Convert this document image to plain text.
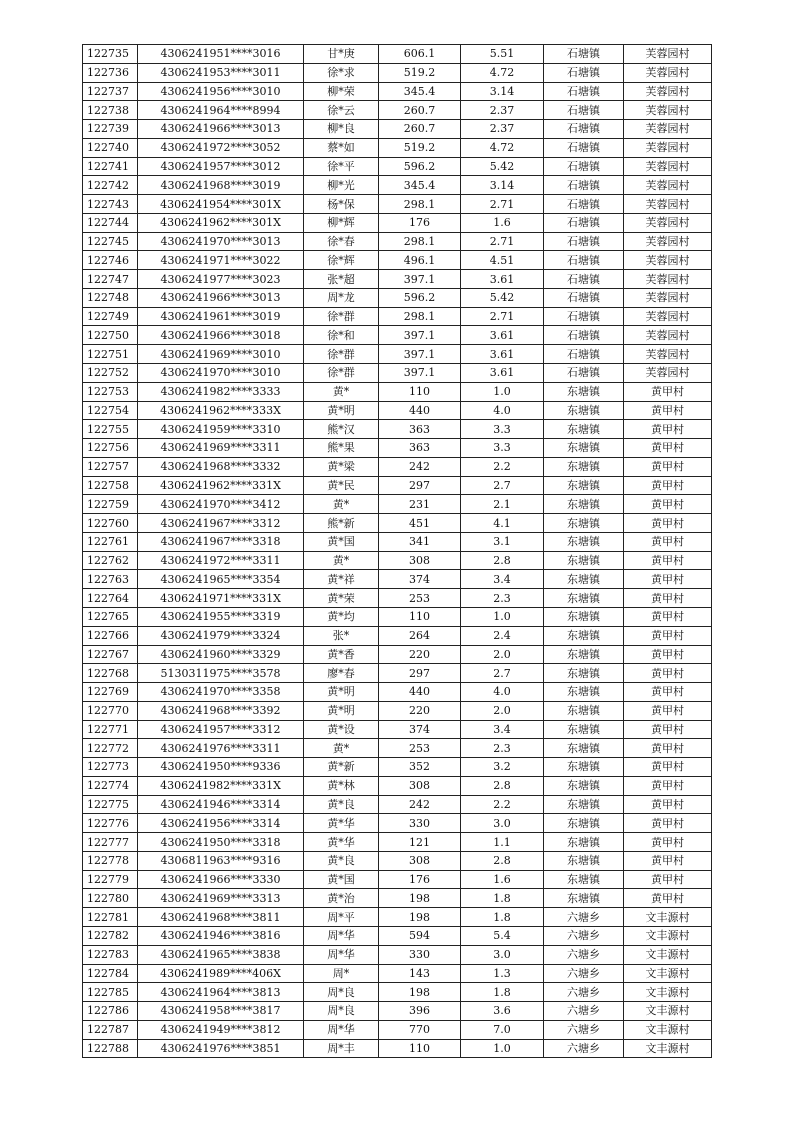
122735	4306241951****3016	甘*庚	606.1	5.51	石塘镇	芙蓉园村
122736	4306241953****3011	徐*求	519.2	4.72	石塘镇	芙蓉园村
122737	4306241956****3010	柳*荣	345.4	3.14	石塘镇	芙蓉园村
122738	4306241964****8994	徐*云	260.7	2.37	石塘镇	芙蓉园村
122739	4306241966****3013	柳*良	260.7	2.37	石塘镇	芙蓉园村
122740	4306241972****3052	蔡*如	519.2	4.72	石塘镇	芙蓉园村
122741	4306241957****3012	徐*平	596.2	5.42	石塘镇	芙蓉园村
122742	4306241968****3019	柳*光	345.4	3.14	石塘镇	芙蓉园村
122743	4306241954****301X	杨*保	298.1	2.71	石塘镇	芙蓉园村
122744	4306241962****301X	柳*辉	176	1.6	石塘镇	芙蓉园村
122745	4306241970****3013	徐*春	298.1	2.71	石塘镇	芙蓉园村
122746	4306241971****3022	徐*辉	496.1	4.51	石塘镇	芙蓉园村
122747	4306241977****3023	张*超	397.1	3.61	石塘镇	芙蓉园村
122748	4306241966****3013	周*龙	596.2	5.42	石塘镇	芙蓉园村
122749	4306241961****3019	徐*群	298.1	2.71	石塘镇	芙蓉园村
122750	4306241966****3018	徐*和	397.1	3.61	石塘镇	芙蓉园村
122751	4306241969****3010	徐*群	397.1	3.61	石塘镇	芙蓉园村
122752	4306241970****3010	徐*群	397.1	3.61	石塘镇	芙蓉园村
122753	4306241982****3333	黄*	110	1.0	东塘镇	黄甲村
122754	4306241962****333X	黄*明	440	4.0	东塘镇	黄甲村
122755	4306241959****3310	熊*汉	363	3.3	东塘镇	黄甲村
122756	4306241969****3311	熊*果	363	3.3	东塘镇	黄甲村
122757	4306241968****3332	黄*梁	242	2.2	东塘镇	黄甲村
122758	4306241962****331X	黄*民	297	2.7	东塘镇	黄甲村
122759	4306241970****3412	黄*	231	2.1	东塘镇	黄甲村
122760	4306241967****3312	熊*新	451	4.1	东塘镇	黄甲村
122761	4306241967****3318	黄*国	341	3.1	东塘镇	黄甲村
122762	4306241972****3311	黄*	308	2.8	东塘镇	黄甲村
122763	4306241965****3354	黄*祥	374	3.4	东塘镇	黄甲村
122764	4306241971****331X	黄*荣	253	2.3	东塘镇	黄甲村
122765	4306241955****3319	黄*均	110	1.0	东塘镇	黄甲村
122766	4306241979****3324	张*	264	2.4	东塘镇	黄甲村
122767	4306241960****3329	黄*香	220	2.0	东塘镇	黄甲村
122768	5130311975****3578	廖*春	297	2.7	东塘镇	黄甲村
122769	4306241970****3358	黄*明	440	4.0	东塘镇	黄甲村
122770	4306241968****3392	黄*明	220	2.0	东塘镇	黄甲村
122771	4306241957****3312	黄*设	374	3.4	东塘镇	黄甲村
122772	4306241976****3311	黄*	253	2.3	东塘镇	黄甲村
122773	4306241950****9336	黄*新	352	3.2	东塘镇	黄甲村
122774	4306241982****331X	黄*林	308	2.8	东塘镇	黄甲村
122775	4306241946****3314	黄*良	242	2.2	东塘镇	黄甲村
122776	4306241956****3314	黄*华	330	3.0	东塘镇	黄甲村
122777	4306241950****3318	黄*华	121	1.1	东塘镇	黄甲村
122778	4306811963****9316	黄*良	308	2.8	东塘镇	黄甲村
122779	4306241966****3330	黄*国	176	1.6	东塘镇	黄甲村
122780	4306241969****3313	黄*治	198	1.8	东塘镇	黄甲村
122781	4306241968****3811	周*平	198	1.8	六塘乡	文丰源村
122782	4306241946****3816	周*华	594	5.4	六塘乡	文丰源村
122783	4306241965****3838	周*华	330	3.0	六塘乡	文丰源村
122784	4306241989****406X	周*	143	1.3	六塘乡	文丰源村
122785	4306241964****3813	周*良	198	1.8	六塘乡	文丰源村
122786	4306241958****3817	周*良	396	3.6	六塘乡	文丰源村
122787	4306241949****3812	周*华	770	7.0	六塘乡	文丰源村
122788	4306241976****3851	周*丰	110	1.0	六塘乡	文丰源村
